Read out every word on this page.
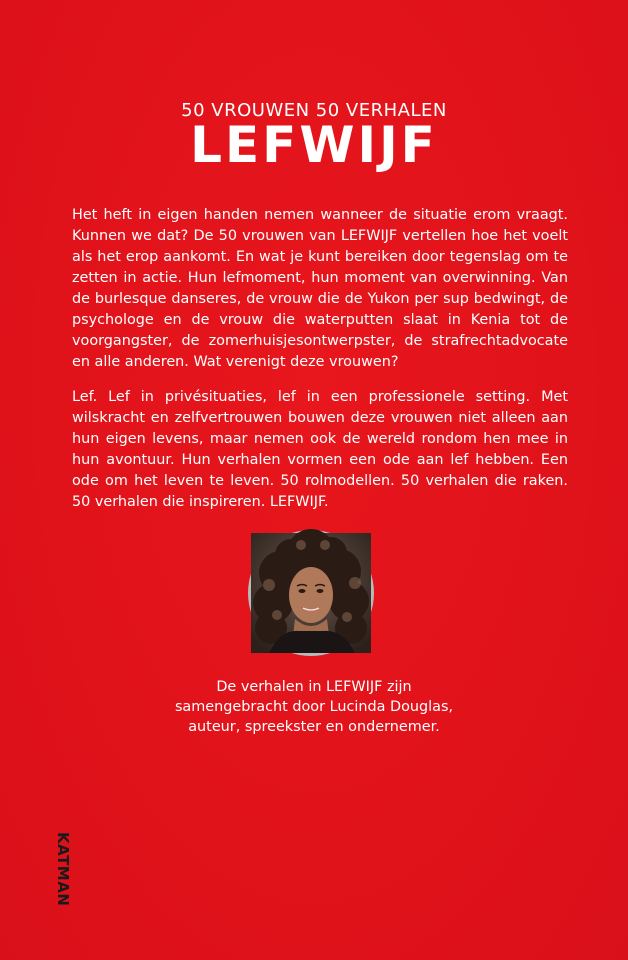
50 VROUWEN 50 VERHALEN
LEFWIJF

Het heft in eigen handen nemen wanneer de situatie erom vraagt. Kunnen we dat? De 50 vrouwen van LEFWIJF vertellen hoe het voelt als het erop aankomt. En wat je kunt bereiken door tegenslag om te zetten in actie. Hun lefmoment, hun moment van overwinning. Van de burlesque danseres, de vrouw die de Yukon per sup bedwingt, de psychologe en de vrouw die waterputten slaat in Kenia tot de voorgangster, de zomerhuisjesontwerpster, de strafrechtadvocate en alle anderen. Wat verenigt deze vrouwen?

Lef. Lef in privésituaties, lef in een professionele setting. Met wilskracht en zelfvertrouwen bouwen deze vrouwen niet alleen aan hun eigen levens, maar nemen ook de wereld rondom hen mee in hun avontuur. Hun verhalen vormen een ode aan lef hebben. Een ode om het leven te leven. 50 rolmodellen. 50 verhalen die raken. 50 verhalen die inspireren. LEFWIJF.

De verhalen in LEFWIJF zijn
samengebracht door Lucinda Douglas,
auteur, spreekster en ondernemer.
KATMAN
